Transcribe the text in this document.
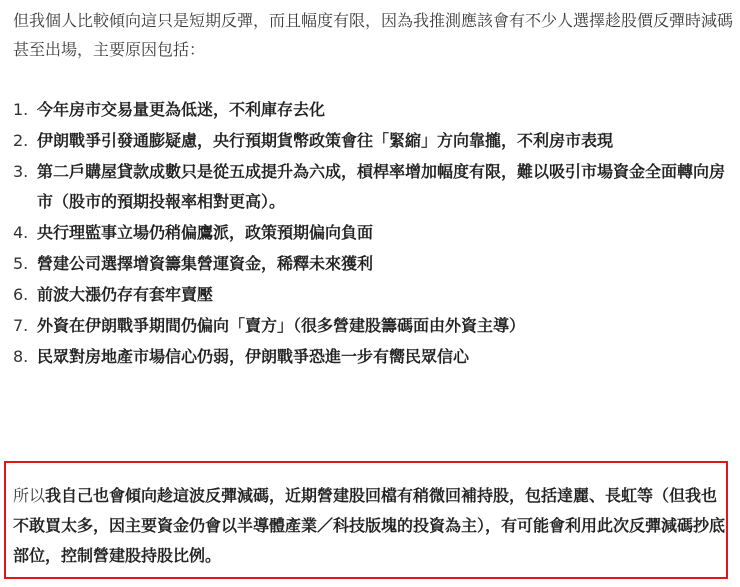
但我個人比較傾向這只是短期反彈，而且幅度有限，因為我推測應該會有不少人選擇趁股價反彈時減碼甚至出場，主要原因包括：

1. 今年房市交易量更為低迷，不利庫存去化
2. 伊朗戰爭引發通膨疑慮，央行預期貨幣政策會往「緊縮」方向靠攏，不利房市表現
3. 第二戶購屋貸款成數只是從五成提升為六成，槓桿率增加幅度有限，難以吸引市場資金全面轉向房市（股市的預期投報率相對更高）。
4. 央行理監事立場仍稍偏鷹派，政策預期偏向負面
5. 營建公司選擇增資籌集營運資金，稀釋未來獲利
6. 前波大漲仍存有套牢賣壓
7. 外資在伊朗戰爭期間仍偏向「賣方」（很多營建股籌碼面由外資主導）
8. 民眾對房地產市場信心仍弱，伊朗戰爭恐進一步有嚮民眾信心

所以我自己也會傾向趁這波反彈減碼，近期營建股回檔有稍微回補持股，包括達麗、長虹等（但我也不敢買太多，因主要資金仍會以半導體產業／科技版塊的投資為主），有可能會利用此次反彈減碼抄底部位，控制營建股持股比例。
